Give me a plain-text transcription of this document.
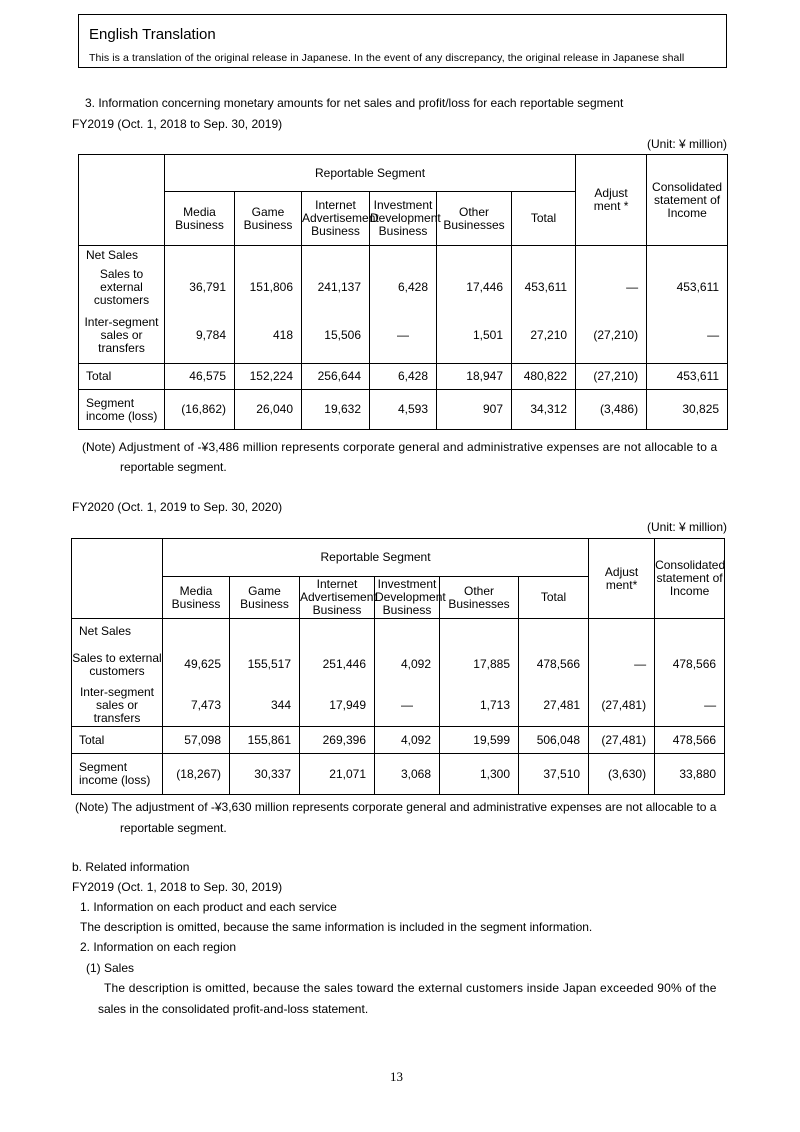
English Translation
This is a translation of the original release in Japanese. In the event of any discrepancy, the original release in Japanese shall
3. Information concerning monetary amounts for net sales and profit/loss for each reportable segment
FY2019 (Oct. 1, 2018 to Sep. 30, 2019)
(Unit: ¥ million)
	Reportable Segment						Adjustment *	Consolidated statement of Income
	Media Business	Game Business	Internet Advertisement Business	Investment Development Business	Other Businesses	Total		
Net Sales								
Sales to external customers	36,791	151,806	241,137	6,428	17,446	453,611	—	453,611
Inter-segment sales or transfers	9,784	418	15,506	—	1,501	27,210	(27,210)	—
Total	46,575	152,224	256,644	6,428	18,947	480,822	(27,210)	453,611
Segment income (loss)	(16,862)	26,040	19,632	4,593	907	34,312	(3,486)	30,825
(Note) Adjustment of -¥3,486 million represents corporate general and administrative expenses are not allocable to a
reportable segment.
FY2020 (Oct. 1, 2019 to Sep. 30, 2020)
(Unit: ¥ million)
	Reportable Segment						Adjustment*	Consolidated statement of Income
	Media Business	Game Business	Internet Advertisement Business	Investment Development Business	Other Businesses	Total		
Net Sales								
Sales to external customers	49,625	155,517	251,446	4,092	17,885	478,566	—	478,566
Inter-segment sales or transfers	7,473	344	17,949	—	1,713	27,481	(27,481)	—
Total	57,098	155,861	269,396	4,092	19,599	506,048	(27,481)	478,566
Segment income (loss)	(18,267)	30,337	21,071	3,068	1,300	37,510	(3,630)	33,880
(Note) The adjustment of -¥3,630 million represents corporate general and administrative expenses are not allocable to a
reportable segment.
b. Related information
FY2019 (Oct. 1, 2018 to Sep. 30, 2019)
1. Information on each product and each service
The description is omitted, because the same information is included in the segment information.
2. Information on each region
(1) Sales
The description is omitted, because the sales toward the external customers inside Japan exceeded 90% of the
sales in the consolidated profit-and-loss statement.
13
